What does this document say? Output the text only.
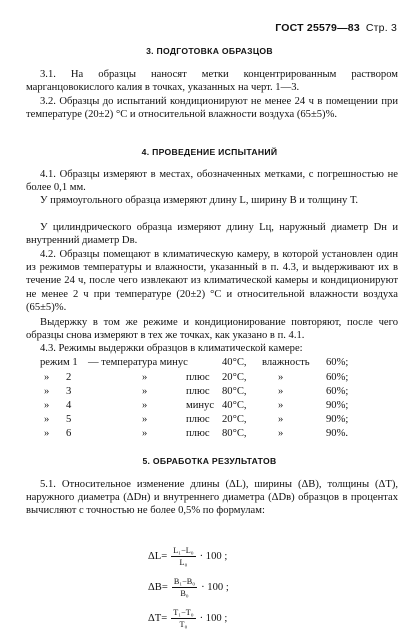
ГОСТ 25579—83 Стр. 3
3. ПОДГОТОВКА ОБРАЗЦОВ
3.1. На образцы наносят метки концентрированным раствором марганцовокислого калия в точках, указанных на черт. 1—3.
3.2. Образцы до испытаний кондиционируют не менее 24 ч в помещении при температуре (20±2) °С и относительной влажности воздуха (65±5)%.
4. ПРОВЕДЕНИЕ ИСПЫТАНИЙ
4.1. Образцы измеряют в местах, обозначенных метками, с погрешностью не более 0,1 мм.
У прямоугольного образца измеряют длину L, ширину В и толщину Т.
У цилиндрического образца измеряют длину Lц, наружный диаметр Dн и внутренний диаметр Dв.
4.2. Образцы помещают в климатическую камеру, в которой установлен один из режимов температуры и влажности, указанный в п. 4.3, и выдерживают их в течение 24 ч, после чего извлекают из климатической камеры и кондиционируют не менее 2 ч при температуре (20±2) °С и относительной влажности воздуха (65±5)%.
Выдержку в том же режиме и кондиционирование повторяют, после чего образцы снова измеряют в тех же точках, как указано в п. 4.1.
4.3. Режимы выдержки образцов в климатической камере:
режим 1 — температура минус	40°С, влажность 60%;
» 2	»	плюс 20°С,	»	60%;
» 3	»	плюс 80°С,	»	60%;
» 4	»	минус 40°С,	»	90%;
» 5	»	плюс 20°С,	»	90%;
» 6	»	плюс 80°С,	»	90%.
5. ОБРАБОТКА РЕЗУЛЬТАТОВ
5.1. Относительное изменение длины (ΔL), ширины (ΔВ), толщины (ΔТ), наружного диаметра (ΔDн) и внутреннего диаметра (ΔDв) образцов в процентах вычисляют с точностью не более 0,5% по формулам:
$\Delta L= \frac{\text{L₁−L₀}}{\text{L₀}} \cdot 100$ ;
$\Delta B= \frac{\text{B₁−B₀}}{\text{B₀}} \cdot 100$ ;
$\Delta T= \frac{\text{T₁−T₀}}{\text{T₀}} \cdot 100$ ;
